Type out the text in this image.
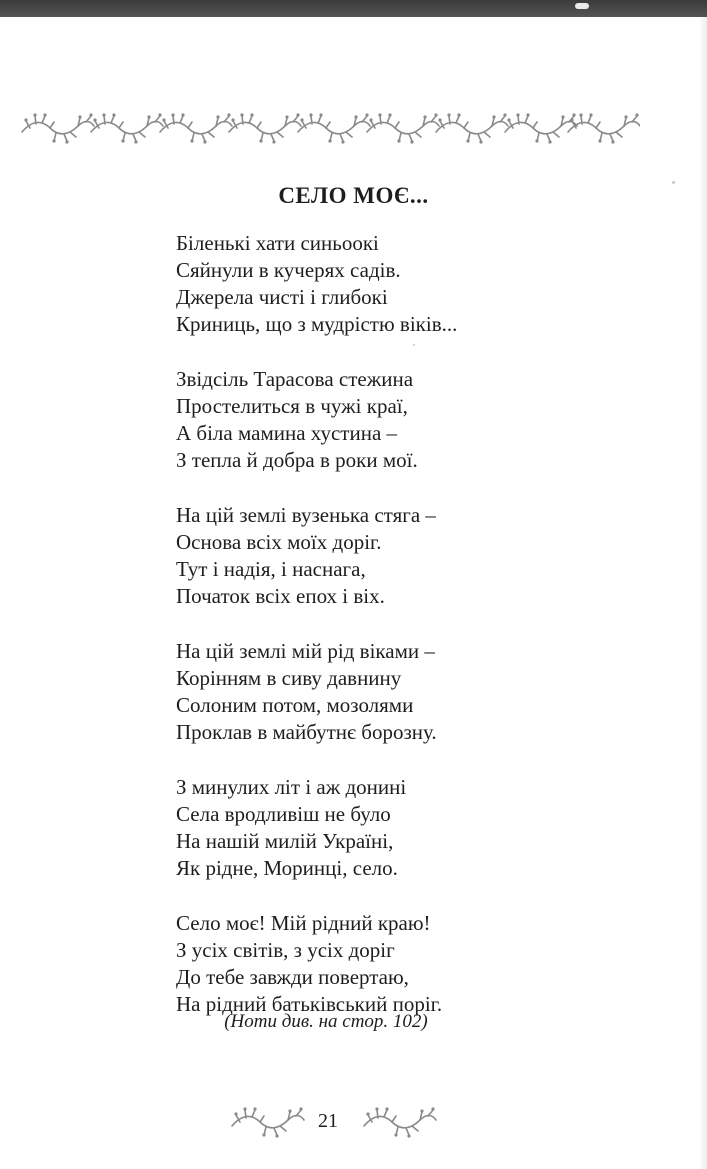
СЕЛО МОЄ...
Біленькі хати синьоокі
Сяйнули в кучерях садів.
Джерела чисті і глибокі
Криниць, що з мудрістю віків...
Звідсіль Тарасова стежина
Простелиться в чужі краї,
А біла мамина хустина –
З тепла й добра в роки мої.
На цій землі вузенька стяга –
Основа всіх моїх доріг.
Тут і надія, і наснага,
Початок всіх епох і віх.
На цій землі мій рід віками –
Корінням в сиву давнину
Солоним потом, мозолями
Проклав в майбутнє борозну.
З минулих літ і аж донині
Села вродливіш не було
На нашій милій Україні,
Як рідне, Моринці, село.
Село моє! Мій рідний краю!
З усіх світів, з усіх доріг
До тебе завжди повертаю,
На рідний батьківський поріг.
(Ноти див. на стор. 102)
21
